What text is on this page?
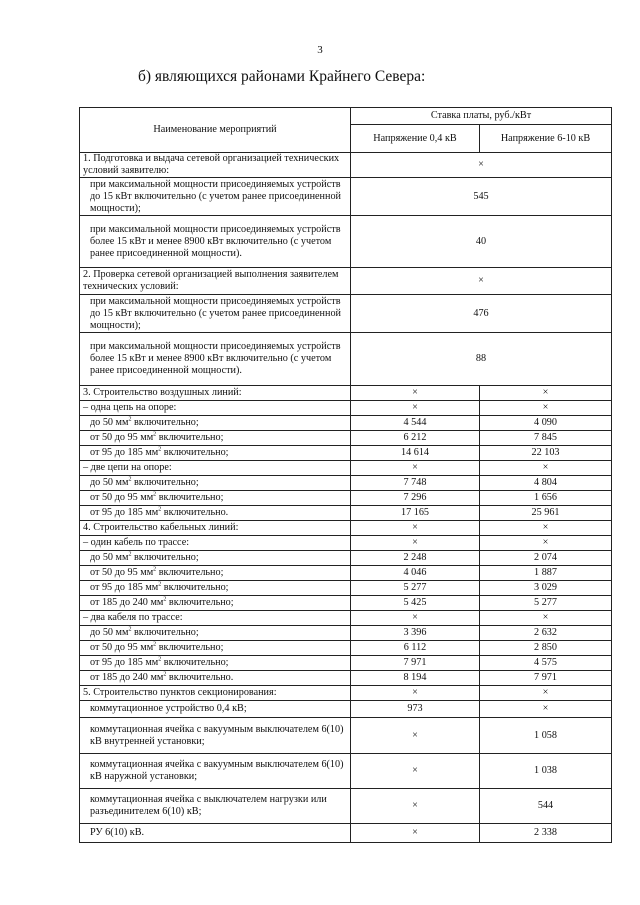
3
б) являющихся районами Крайнего Севера:
Наименование мероприятий	Ставка платы, руб./кВт	
	Напряжение 0,4 кВ	Напряжение 6-10 кВ
1. Подготовка и выдача сетевой организацией технических условий заявителю:	×	
при максимальной мощности присоединяемых устройств до 15 кВт включительно (с учетом ранее присоединенной мощности);	545	
при максимальной мощности присоединяемых устройств более 15 кВт и менее 8900 кВт включительно (с учетом ранее присоединенной мощности).	40	
2. Проверка сетевой организацией выполнения заявителем технических условий:	×	
при максимальной мощности присоединяемых устройств до 15 кВт включительно (с учетом ранее присоединенной мощности);	476	
при максимальной мощности присоединяемых устройств более 15 кВт и менее 8900 кВт включительно (с учетом ранее присоединенной мощности).	88	
3. Строительство воздушных линий:	×	×
– одна цепь на опоре:	×	×
до 50 $мм^2$ включительно;	4 544	4 090
от 50 до 95 $мм^2$ включительно;	6 212	7 845
от 95 до 185 $мм^2$ включительно;	14 614	22 103
– две цепи на опоре:	×	×
до 50 $мм^2$ включительно;	7 748	4 804
от 50 до 95 $мм^2$ включительно;	7 296	1 656
от 95 до 185 $мм^2$ включительно.	17 165	25 961
4. Строительство кабельных линий:	×	×
– один кабель по трассе:	×	×
до 50 $мм^2$ включительно;	2 248	2 074
от 50 до 95 $мм^2$ включительно;	4 046	1 887
от 95 до 185 $мм^2$ включительно;	5 277	3 029
от 185 до 240 $мм^2$ включительно;	5 425	5 277
– два кабеля по трассе:	×	×
до 50 $мм^2$ включительно;	3 396	2 632
от 50 до 95 $мм^2$ включительно;	6 112	2 850
от 95 до 185 $мм^2$ включительно;	7 971	4 575
от 185 до 240 $мм^2$ включительно.	8 194	7 971
5. Строительство пунктов секционирования:	×	×
коммутационное устройство 0,4 кВ;	973	×
коммутационная ячейка с вакуумным выключателем 6(10) кВ внутренней установки;	×	1 058
коммутационная ячейка с вакуумным выключателем 6(10) кВ наружной установки;	×	1 038
коммутационная ячейка с выключателем нагрузки или разъединителем 6(10) кВ;	×	544
РУ 6(10) кВ.	×	2 338
